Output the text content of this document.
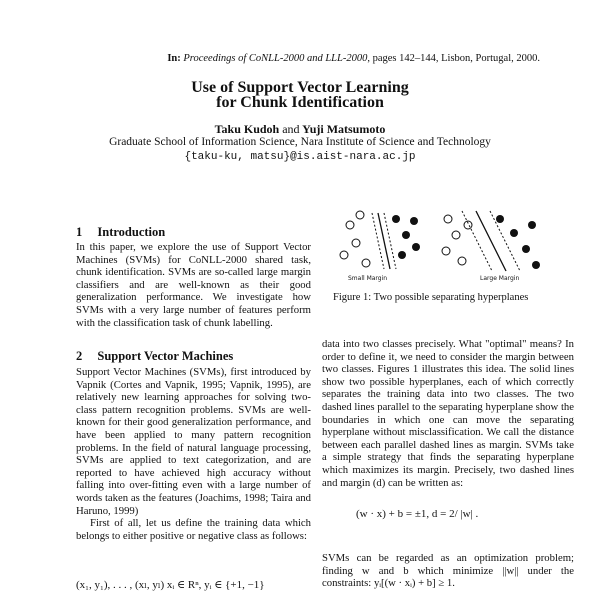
In: Proceedings of CoNLL-2000 and LLL-2000, pages 142–144, Lisbon, Portugal, 2000.
Use of Support Vector Learning
for Chunk Identification
Taku Kudoh and Yuji Matsumoto
Graduate School of Information Science, Nara Institute of Science and Technology
{taku-ku, matsu}@is.aist-nara.ac.jp
1 Introduction

In this paper, we explore the use of Support Vector Machines (SVMs) for CoNLL-2000 shared task, chunk identification. SVMs are so-called large margin classifiers and are well-known as their good generalization performance. We investigate how SVMs with a very large number of features perform with the classification task of chunk labelling.

2 Support Vector Machines

Support Vector Machines (SVMs), first introduced by Vapnik (Cortes and Vapnik, 1995; Vapnik, 1995), are relatively new learning approaches for solving two-class pattern recognition problems. SVMs are well-known for their good generalization performance, and have been applied to many pattern recognition problems. In the field of natural language processing, SVMs are applied to text categorization, and are reported to have achieved high accuracy without falling into over-fitting even with a large number of words taken as the features (Joachims, 1998; Taira and Haruno, 1999)

First of all, let us define the training data which belongs to either positive or negative class as follows:

(x₁, y₁), . . . , (xₗ, yₗ) xᵢ ∈ Rⁿ, yᵢ ∈ {+1, −1}
Small Margin	Large Margin
Figure 1: Two possible separating hyperplanes

data into two classes precisely. What "optimal" means? In order to define it, we need to consider the margin between two classes. Figures 1 illustrates this idea. The solid lines show two possible hyperplanes, each of which correctly separates the training data into two classes. The two dashed lines parallel to the separating hyperplane show the boundaries in which one can move the separating hyperplane without misclassification. We call the distance between each parallel dashed lines as margin. SVMs take a simple strategy that finds the separating hyperplane which maximizes its margin. Precisely, two dashed lines and margin (d) can be written as:

(w · x) + b = ±1, d = 2/ |w| .

SVMs can be regarded as an optimization problem; finding w and b which minimize ||w|| under the constraints: yᵢ[(w · xᵢ) + b] ≥ 1.
